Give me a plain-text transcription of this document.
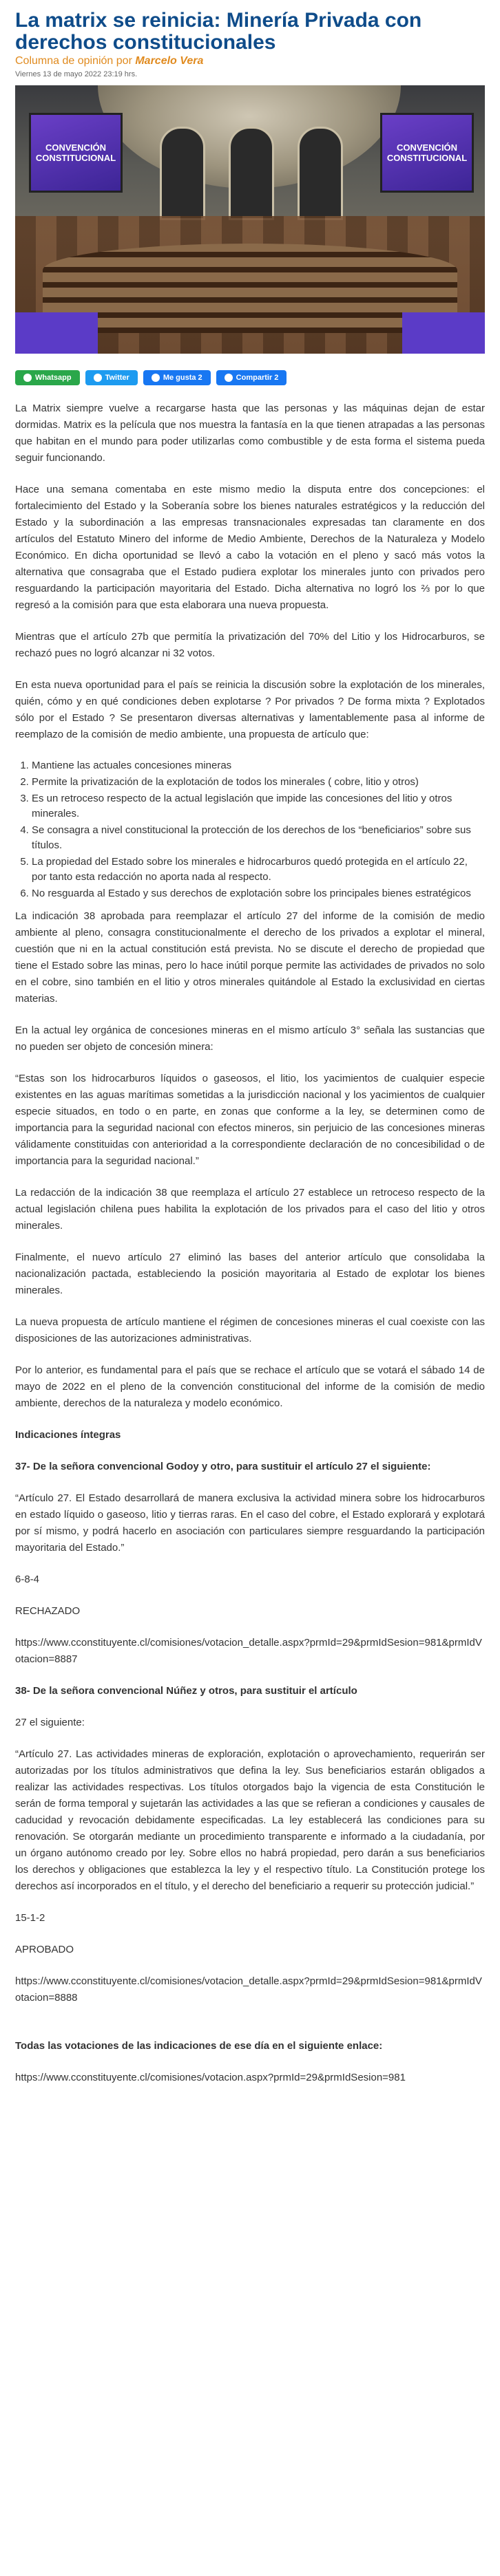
La matrix se reinicia: Minería Privada con derechos constitucionales
Columna de opinión por Marcelo Vera
Viernes 13 de mayo 2022 23:19 hrs.
CONVENCIÓN CONSTITUCIONAL
CONVENCIÓN CONSTITUCIONAL
Whatsapp	Twitter	Me gusta 2	Compartir 2

La Matrix siempre vuelve a recargarse hasta que las personas y las máquinas dejan de estar dormidas. Matrix es la película que nos muestra la fantasía en la que tienen atrapadas a las personas que habitan en el mundo para poder utilizarlas como combustible y de esta forma el sistema pueda seguir funcionando.

Hace una semana comentaba en este mismo medio la disputa entre dos concepciones: el fortalecimiento del Estado y la Soberanía sobre los bienes naturales estratégicos y la reducción del Estado y la subordinación a las empresas transnacionales expresadas tan claramente en dos artículos del Estatuto Minero del informe de Medio Ambiente, Derechos de la Naturaleza y Modelo Económico. En dicha oportunidad se llevó a cabo la votación en el pleno y sacó más votos la alternativa que consagraba que el Estado pudiera explotar los minerales junto con privados pero resguardando la participación mayoritaria del Estado. Dicha alternativa no logró los ⅔ por lo que regresó a la comisión para que esta elaborara una nueva propuesta.

Mientras que el artículo 27b que permitía la privatización del 70% del Litio y los Hidrocarburos, se rechazó pues no logró alcanzar ni 32 votos.

En esta nueva oportunidad para el país se reinicia la discusión sobre la explotación de los minerales, quién, cómo y en qué condiciones deben explotarse ? Por privados ? De forma mixta ? Explotados sólo por el Estado ? Se presentaron diversas alternativas y lamentablemente pasa al informe de reemplazo de la comisión de medio ambiente, una propuesta de artículo que:

1. Mantiene las actuales concesiones mineras
2. Permite la privatización de la explotación de todos los minerales ( cobre, litio y otros)
3. Es un retroceso respecto de la actual legislación que impide las concesiones del litio y otros minerales.
4. Se consagra a nivel constitucional la protección de los derechos de los “beneficiarios” sobre sus títulos.
5. La propiedad del Estado sobre los minerales e hidrocarburos quedó protegida en el artículo 22, por tanto esta redacción no aporta nada al respecto.
6. No resguarda al Estado y sus derechos de explotación sobre los principales bienes estratégicos

La indicación 38 aprobada para reemplazar el artículo 27 del informe de la comisión de medio ambiente al pleno, consagra constitucionalmente el derecho de los privados a explotar el mineral, cuestión que ni en la actual constitución está prevista. No se discute el derecho de propiedad que tiene el Estado sobre las minas, pero lo hace inútil porque permite las actividades de privados no solo en el cobre, sino también en el litio y otros minerales quitándole al Estado la exclusividad en ciertas materias.

En la actual ley orgánica de concesiones mineras en el mismo artículo 3° señala las sustancias que no pueden ser objeto de concesión minera:

“Estas son los hidrocarburos líquidos o gaseosos, el litio, los yacimientos de cualquier especie existentes en las aguas marítimas sometidas a la jurisdicción nacional y los yacimientos de cualquier especie situados, en todo o en parte, en zonas que conforme a la ley, se determinen como de importancia para la seguridad nacional con efectos mineros, sin perjuicio de las concesiones mineras válidamente constituidas con anterioridad a la correspondiente declaración de no concesibilidad o de importancia para la seguridad nacional.”

La redacción de la indicación 38 que reemplaza el artículo 27 establece un retroceso respecto de la actual legislación chilena pues habilita la explotación de los privados para el caso del litio y otros minerales.

Finalmente, el nuevo artículo 27 eliminó las bases del anterior artículo que consolidaba la nacionalización pactada, estableciendo la posición mayoritaria al Estado de explotar los bienes minerales.

La nueva propuesta de artículo mantiene el régimen de concesiones mineras el cual coexiste con las disposiciones de las autorizaciones administrativas.

Por lo anterior, es fundamental para el país que se rechace el artículo que se votará el sábado 14 de mayo de 2022 en el pleno de la convención constitucional del informe de la comisión de medio ambiente, derechos de la naturaleza y modelo económico.

Indicaciones íntegras

37- De la señora convencional Godoy y otro, para sustituir el artículo 27 el siguiente:

“Artículo 27. El Estado desarrollará de manera exclusiva la actividad minera sobre los hidrocarburos en estado líquido o gaseoso, litio y tierras raras. En el caso del cobre, el Estado explorará y explotará por sí mismo, y podrá hacerlo en asociación con particulares siempre resguardando la participación mayoritaria del Estado.”

6-8-4

RECHAZADO

https://www.cconstituyente.cl/comisiones/votacion_detalle.aspx?prmId=29&prmIdSesion=981&prmIdVotacion=8887

38- De la señora convencional Núñez y otros, para sustituir el artículo

27 el siguiente:

“Artículo 27. Las actividades mineras de exploración, explotación o aprovechamiento, requerirán ser autorizadas por los títulos administrativos que defina la ley. Sus beneficiarios estarán obligados a realizar las actividades respectivas. Los títulos otorgados bajo la vigencia de esta Constitución le serán de forma temporal y sujetarán las actividades a las que se refieran a condiciones y causales de caducidad y revocación debidamente especificadas. La ley establecerá las condiciones para su renovación. Se otorgarán mediante un procedimiento transparente e informado a la ciudadanía, por un órgano autónomo creado por ley. Sobre ellos no habrá propiedad, pero darán a sus beneficiarios los derechos y obligaciones que establezca la ley y el respectivo título. La Constitución protege los derechos así incorporados en el título, y el derecho del beneficiario a requerir su protección judicial.”

15-1-2

APROBADO

https://www.cconstituyente.cl/comisiones/votacion_detalle.aspx?prmId=29&prmIdSesion=981&prmIdVotacion=8888

Todas las votaciones de las indicaciones de ese día en el siguiente enlace:

https://www.cconstituyente.cl/comisiones/votacion.aspx?prmId=29&prmIdSesion=981
